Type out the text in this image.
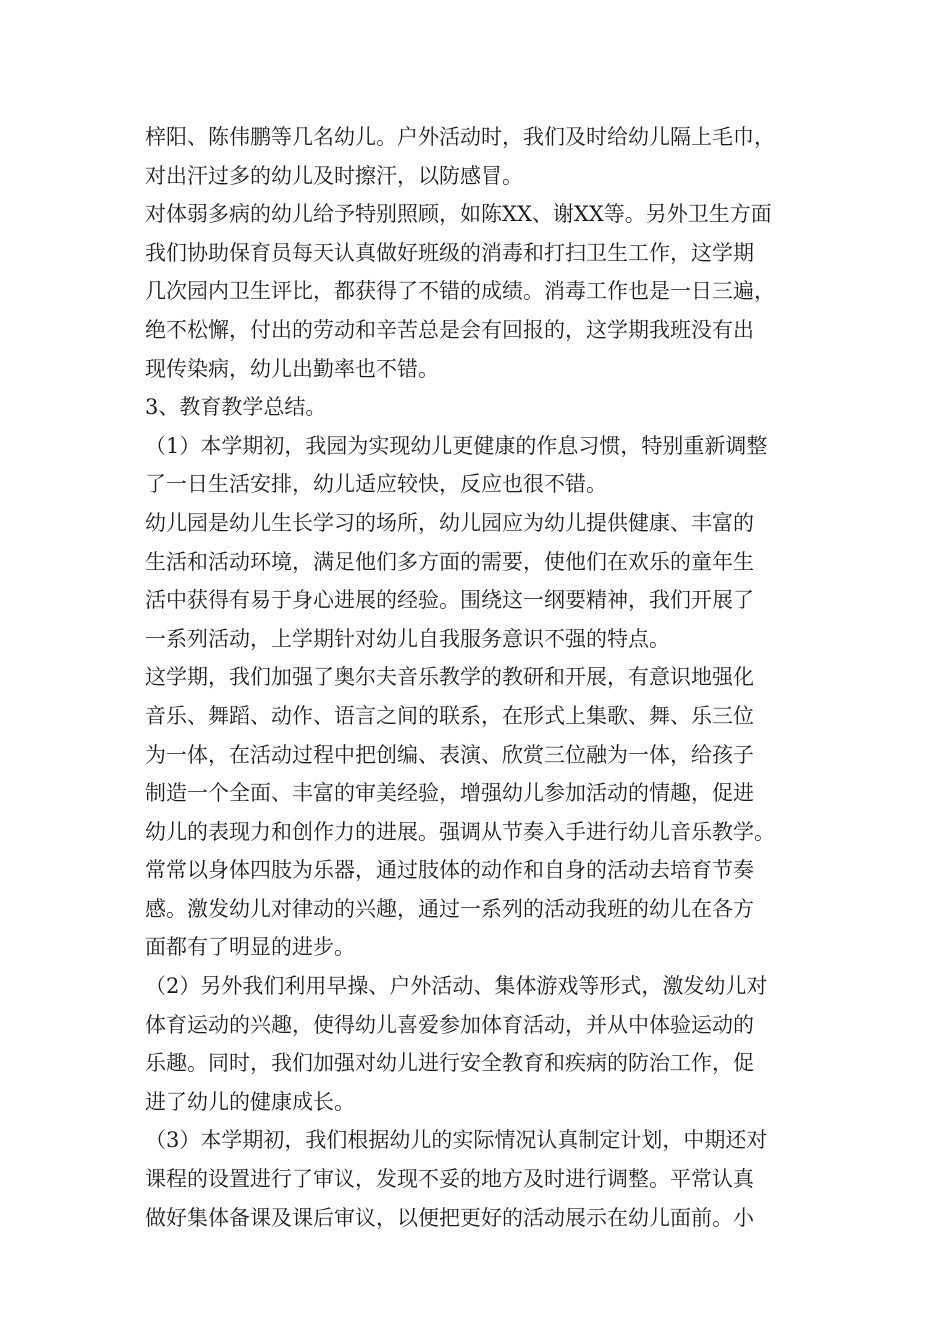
梓阳、陈伟鹏等几名幼儿。户外活动时，我们及时给幼儿隔上毛巾，
对出汗过多的幼儿及时擦汗，以防感冒。
对体弱多病的幼儿给予特别照顾，如陈XX、谢XX等。另外卫生方面
我们协助保育员每天认真做好班级的消毒和打扫卫生工作，这学期
几次园内卫生评比，都获得了不错的成绩。消毒工作也是一日三遍，
绝不松懈，付出的劳动和辛苦总是会有回报的，这学期我班没有出
现传染病，幼儿出勤率也不错。
3、教育教学总结。
（1）本学期初，我园为实现幼儿更健康的作息习惯，特别重新调整
了一日生活安排，幼儿适应较快，反应也很不错。
幼儿园是幼儿生长学习的场所，幼儿园应为幼儿提供健康、丰富的
生活和活动环境，满足他们多方面的需要，使他们在欢乐的童年生
活中获得有易于身心进展的经验。围绕这一纲要精神，我们开展了
一系列活动，上学期针对幼儿自我服务意识不强的特点。
这学期，我们加强了奥尔夫音乐教学的教研和开展，有意识地强化
音乐、舞蹈、动作、语言之间的联系，在形式上集歌、舞、乐三位
为一体，在活动过程中把创编、表演、欣赏三位融为一体，给孩子
制造一个全面、丰富的审美经验，增强幼儿参加活动的情趣，促进
幼儿的表现力和创作力的进展。强调从节奏入手进行幼儿音乐教学。
常常以身体四肢为乐器，通过肢体的动作和自身的活动去培育节奏
感。激发幼儿对律动的兴趣，通过一系列的活动我班的幼儿在各方
面都有了明显的进步。
（2）另外我们利用早操、户外活动、集体游戏等形式，激发幼儿对
体育运动的兴趣，使得幼儿喜爱参加体育活动，并从中体验运动的
乐趣。同时，我们加强对幼儿进行安全教育和疾病的防治工作，促
进了幼儿的健康成长。
（3）本学期初，我们根据幼儿的实际情况认真制定计划，中期还对
课程的设置进行了审议，发现不妥的地方及时进行调整。平常认真
做好集体备课及课后审议，以便把更好的活动展示在幼儿面前。小
